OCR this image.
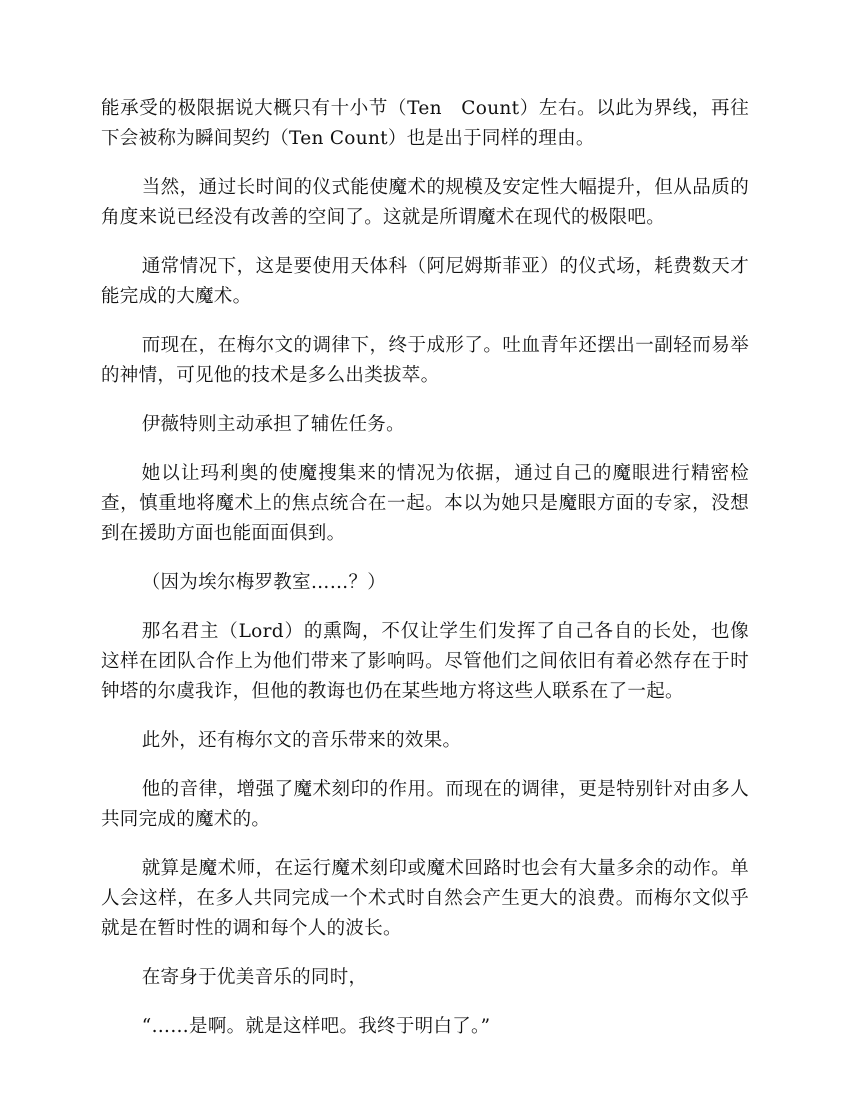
能承受的极限据说大概只有十小节（Ten　Count）左右。以此为界线，再往下会被称为瞬间契约（Ten Count）也是出于同样的理由。

当然，通过长时间的仪式能使魔术的规模及安定性大幅提升，但从品质的角度来说已经没有改善的空间了。这就是所谓魔术在现代的极限吧。

通常情况下，这是要使用天体科（阿尼姆斯菲亚）的仪式场，耗费数天才能完成的大魔术。

而现在，在梅尔文的调律下，终于成形了。吐血青年还摆出一副轻而易举的神情，可见他的技术是多么出类拔萃。

伊薇特则主动承担了辅佐任务。

她以让玛利奥的使魔搜集来的情况为依据，通过自己的魔眼进行精密检查，慎重地将魔术上的焦点统合在一起。本以为她只是魔眼方面的专家，没想到在援助方面也能面面俱到。

（因为埃尔梅罗教室……？）

那名君主（Lord）的熏陶，不仅让学生们发挥了自己各自的长处，也像这样在团队合作上为他们带来了影响吗。尽管他们之间依旧有着必然存在于时钟塔的尔虞我诈，但他的教诲也仍在某些地方将这些人联系在了一起。

此外，还有梅尔文的音乐带来的效果。

他的音律，增强了魔术刻印的作用。而现在的调律，更是特别针对由多人共同完成的魔术的。

就算是魔术师，在运行魔术刻印或魔术回路时也会有大量多余的动作。单人会这样，在多人共同完成一个术式时自然会产生更大的浪费。而梅尔文似乎就是在暂时性的调和每个人的波长。

在寄身于优美音乐的同时，

“……是啊。就是这样吧。我终于明白了。”
